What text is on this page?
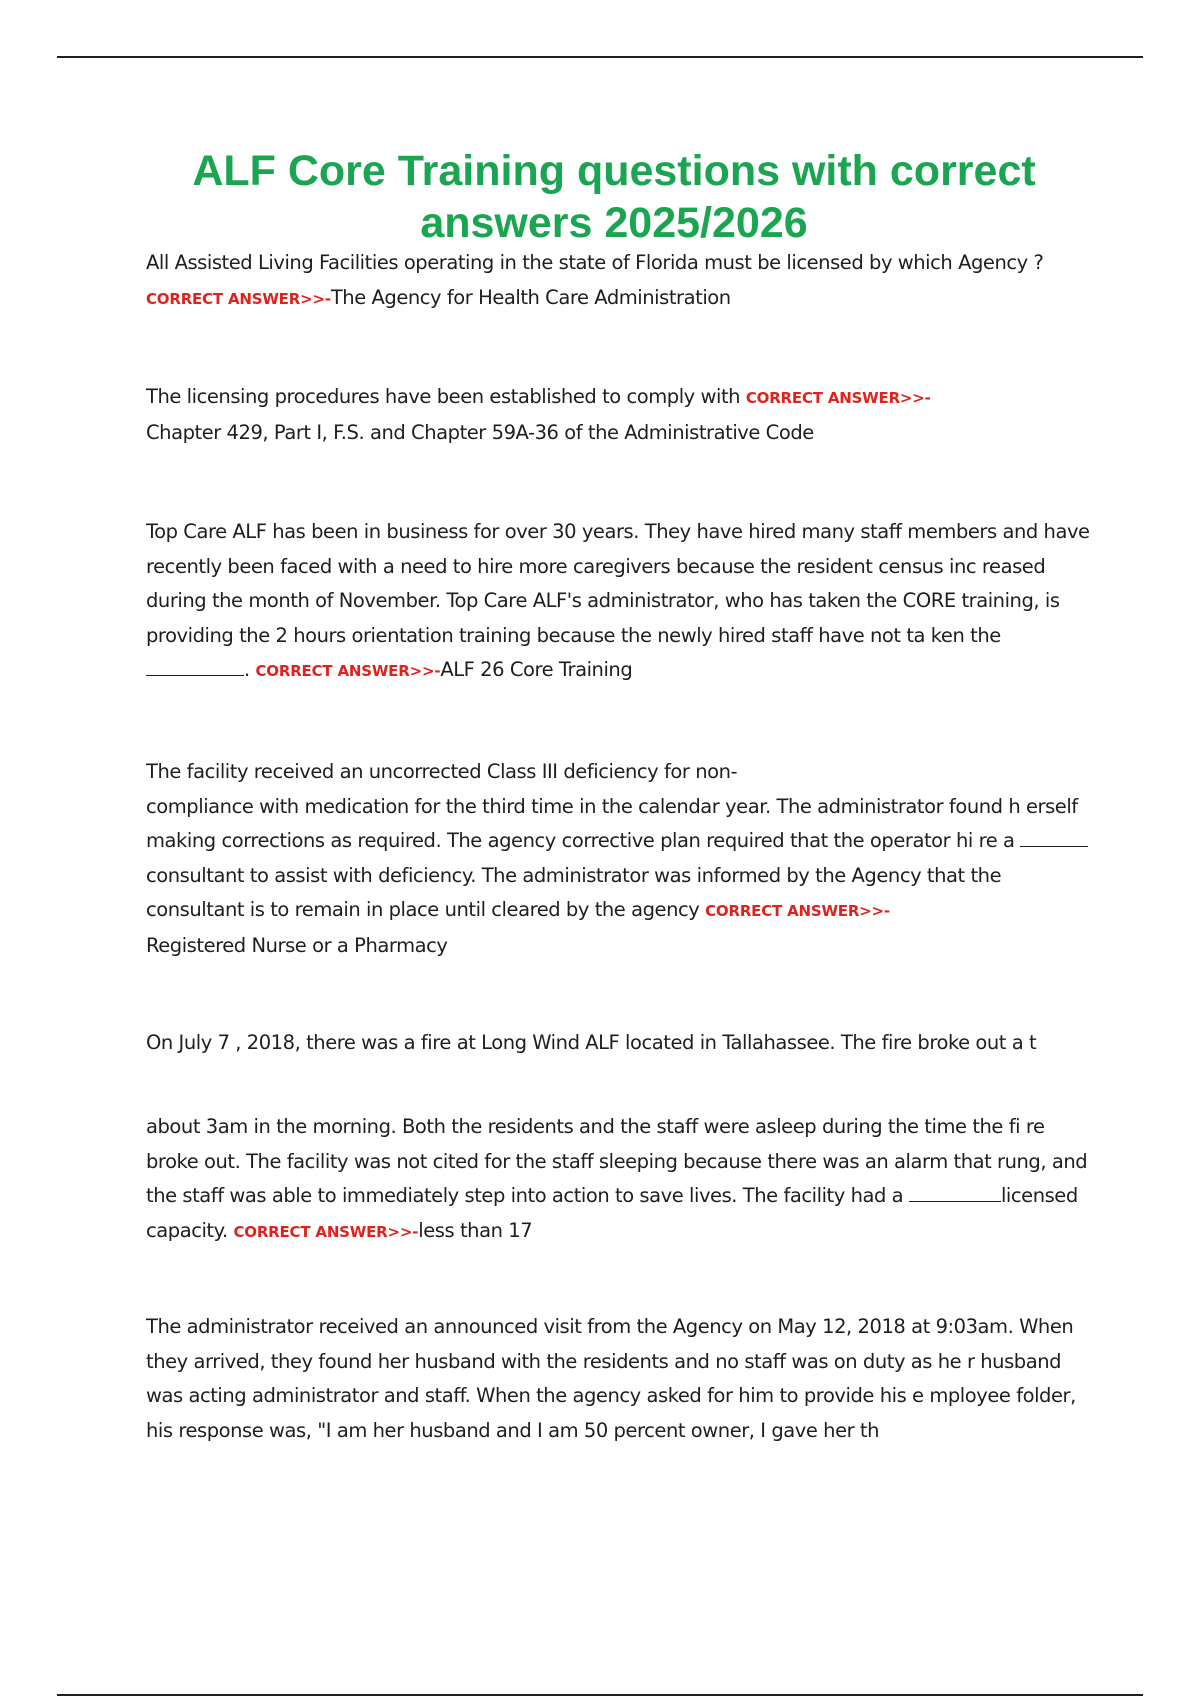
ALF Core Training questions with correct answers 2025/2026

All Assisted Living Facilities operating in the state of Florida must be licensed by which Agency ? CORRECT ANSWER>>-The Agency for Health Care Administration

The licensing procedures have been established to comply with CORRECT ANSWER>>-
Chapter 429, Part I, F.S. and Chapter 59A-36 of the Administrative Code

Top Care ALF has been in business for over 30 years. They have hired many staff members and have recently been faced with a need to hire more caregivers because the resident census inc reased during the month of November. Top Care ALF's administrator, who has taken the CORE training, is providing the 2 hours orientation training because the newly hired staff have not ta ken the . CORRECT ANSWER>>-ALF 26 Core Training

The facility received an uncorrected Class III deficiency for non-
compliance with medication for the third time in the calendar year. The administrator found h erself making corrections as required. The agency corrective plan required that the operator hi re a consultant to assist with deficiency. The administrator was informed by the Agency that the consultant is to remain in place until cleared by the agency CORRECT ANSWER>>-
Registered Nurse or a Pharmacy

On July 7 , 2018, there was a fire at Long Wind ALF located in Tallahassee. The fire broke out a t

about 3am in the morning. Both the residents and the staff were asleep during the time the fi re broke out. The facility was not cited for the staff sleeping because there was an alarm that rung, and the staff was able to immediately step into action to save lives. The facility had a	licensed capacity. CORRECT ANSWER>>-less than 17

The administrator received an announced visit from the Agency on May 12, 2018 at 9:03am. When they arrived, they found her husband with the residents and no staff was on duty as he r husband was acting administrator and staff. When the agency asked for him to provide his e mployee folder, his response was, "I am her husband and I am 50 percent owner, I gave her th
